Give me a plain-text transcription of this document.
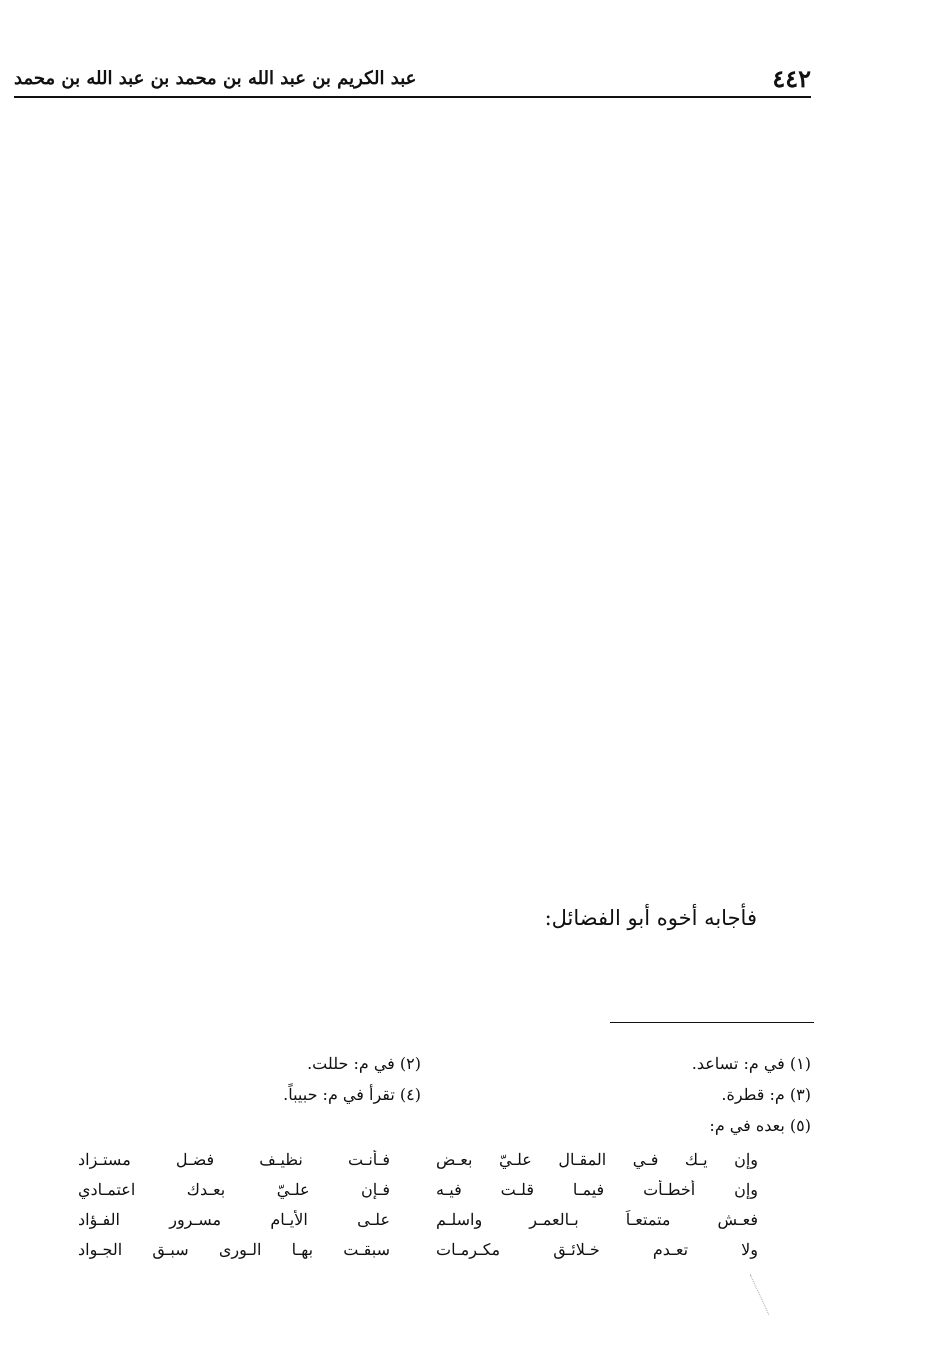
٤٤٢
عبد الكريم بن عبد الله بن محمد بن عبد الله بن محمد
فأجابه أخوه أبو الفضائل:
(١) في م: تساعد.
(٢) في م: حللت.
(٣) م: قطرة.
(٤) تقرأ في م: حبيباً.
(٥) بعده في م:
وإن يـك فـي المقـال علـيّ بعـض
فـأنـت نظيـف فضـل مستـزاد
وإن أخطـأت فيمـا قلـت فيـه
فـإن علـيّ بعـدك اعتمـادي
فعـش متمتعـاً بـالعمـر واسلـم
علـى الأيـام مسـرور الفـؤاد
ولا تعـدم خـلائـق مكـرمـات
سبقـت بهـا الـورى سبـق الجـواد
